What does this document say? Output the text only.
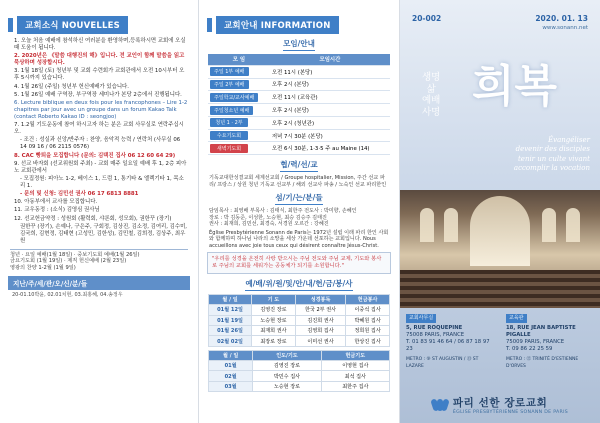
교회소식 NOUVELLES
1. 오늘 처음 예배에 참석하신 여러분을 환영하며,등록하시면 교회에 오실 때 도움이 됩니다.
2. 2020년은 《말씀 대행진의 해》입니다. 전 교인이 함께 말씀을 읽고 묵상하며 성장합시다.
3. 1월 18일 (토) 청년부 및 교회 수련회가 교회관에서 오전 10시부터 오후 5시까지 있습니다.
4. 1월 26일 (주일) 청년부 헌신예배가 있습니다.
5. 1월 26일 예배 구역장, 부구역장 세미나가 본당 2층에서 진행됩니다.
6. Lecture biblique en deux fois pour les francophones – Lire 1-2 chapitres par jour avec un groupe dans un forum Kakao Talk (contact Roberto Kakao ID : seongjoo)
7. 1.2월 기도운동에 참여 하시고자 하는 분은 교회 사무실로 연락주십시오.
- 조건 : 성실과 신앙/반주자 : 찬양, 음악적 능력 / 연락처 (사무실 06 14 09 16 / 06 2115 0576)
8. CAC 빵퇴을 모집합니다 (문의: 김택진 집사 06 12 60 64 29)
9. 선교 바자회 (선교위원회 주최) - 교회 매주 일요일 예배 후 1, 2층 피아노 교회관에서
- 모집정원: 피아노 1-2, 베이스 1, 드럼 1, 통기타 & 엘렉기타 1, 목소리 1.
- 문의 및 신청: 김민선 권사 06 17 6813 8881
10. 아동부에서 교사를 모집합니다.
11. 교우동정 : (소식) 김영심 권사님
12. 선교헌금약정 : 성원회 (활력회, 샤론회, 성모회), 권한꾸 (장기)
권한꾸 (장기), 손예나, 구은주, 구회정, 김상진, 김소정, 김여리, 김수미, 김국희, 김현정, 김태현 (고성민, 김한성), 김민철, 김희정, 김상주, 최우원
청년 · 요일 예배(1월 18일) · 중보기도회 예배(1월 26일)
금요기도회 (1월 19일) · 제직 헌신예배 (2월 23일)
영광의 찬양 1-2월 (1월 9일)
지난/주/세/관/오/신/분/들
20-01.10박윤, 02.01치현, 03.최홍혜, 04.송정우
교회안내 INFORMATION
모임/안내
모 임	모임시간
주일 1부 예배	오전 11시 (본당)
주일 2부 예배	오후 2시 (본당)
주일학교/교사예배	오전 11시 (교육관)
주일청소년 예배	오후 2시 (본당)
청년 1 · 2부	오후 2시 (청년관)
수요기도회	저녁 7시 30분 (본당)
새벽기도회	오전 6시 30분, 1·3·5 주 au Maine (14)
협/력/선/교
기독교대한성결교회 세계선교회 / Groupe hospitalier, Mission, 주간 선교 파리/ 프랑스 / 상원 청년 기독교 선교부 / 해외 선교사 파송 / 노숙인 선교 파리한인
섬/기/는/분/들
담임목사 : 최영배 부목사 : 김태식, 최한주 전도사 : 박미향, 손혜인
장로 : 박 김동준, 이성한, 노승현, 최승 김승주 김태진
권사 : 최재희, 김민선, 최경숙, 서경원 오르간 : 강혜진
Église Presbytérienne Sonann de Paris는 1972년 설립 이래 파리 한인 사회와 함께하며 하나님 나라의 소망을 세상 가운데 선포하는 교회입니다. Nous accueillons avec joie tous ceux qui désirent connaître Jésus-Christ.
"우리를 성경을 온전히 사랑 받으시는 주님 전도와 주님 교제, 기도와 봉사로 주님의 교회를 세워가는 공동체가 되기를 소원합니다."
예/배/위/원/및/안/내/헌/금/봉/사
월 / 일	기 도	성경봉독	헌금봉사
01월 12일	김영진 장로	한국 2부 권사	이중석 집사
01월 19일	노승현 장로	김진희 권사	박혜원 집사
01월 26일	최재희 권사	김영희 집사	정희원 집사
02월 02일	최장로 장로	이미선 권사	한상진 집사
월 / 일	인도/기도	헌금기도
01월	김영진 장로	이영현 집사
02월	박민수 집사	최석 집사
03월	노승현 장로	최한주 집사
20-002	2020. 01. 13
www.sonann.net
생명
삶
예배
사명 희복
Évangéliser
devenir des disciples
tenir un culte vivant
accomplir la vocation
교회사무실
5, RUE ROQUEPINE
75008 PARIS, FRANCE
T. 01 83 91 46 64 / 06 87 18 97 23
METRO : ⑨ ST AUGUSTIN / ⑬ ST LAZARE
교육관
18, RUE JEAN BAPTISTE PIGALLE
75009 PARIS, FRANCE
T. 09 86 22 25 59
METRO : ⑫ TRINITÉ D'ESTIENNE D'ORVES
파리 선한 장로교회
ÉGLISE PRESBYTÉRIENNE SONANN DE PARIS
